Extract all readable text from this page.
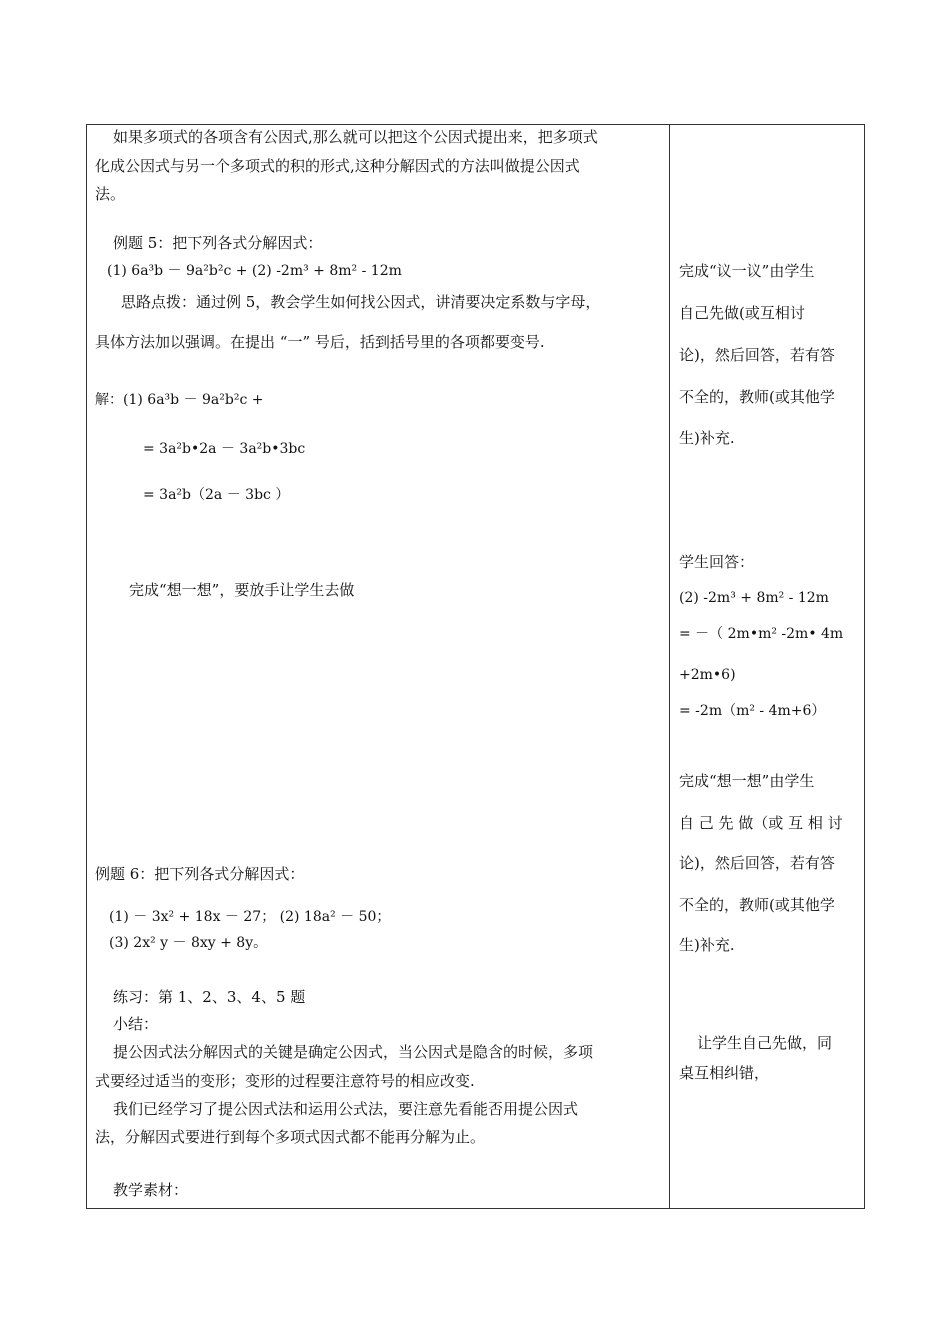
如果多项式的各项含有公因式,那么就可以把这个公因式提出来，把多项式
化成公因式与另一个多项式的积的形式,这种分解因式的方法叫做提公因式
法。
例题 5：把下列各式分解因式：
(1) 6a³b － 9a²b²c + (2) -2m³ + 8m² - 12m
思路点拨：通过例 5，教会学生如何找公因式，讲清要决定系数与字母，
具体方法加以强调。在提出 “一” 号后，括到括号里的各项都要变号.
解：(1) 6a³b － 9a²b²c +
= 3a²b•2a － 3a²b•3bc
= 3a²b（2a － 3bc ）
完成“想一想”，要放手让学生去做
例题 6：把下列各式分解因式：
(1) － 3x² + 18x － 27； (2) 18a² － 50；
(3) 2x² y － 8xy + 8y。
练习：第 1、2、3、4、5 题
小结：
提公因式法分解因式的关键是确定公因式，当公因式是隐含的时候，多项
式要经过适当的变形；变形的过程要注意符号的相应改变.
我们已经学习了提公因式法和运用公式法，要注意先看能否用提公因式
法，分解因式要进行到每个多项式因式都不能再分解为止。
教学素材：
完成“议一议”由学生
自己先做(或互相讨
论)，然后回答，若有答
不全的，教师(或其他学
生)补充.
学生回答：
(2) -2m³ + 8m² - 12m
= －（ 2m•m² -2m• 4m
+2m•6)
= -2m（m² - 4m+6）
完成“想一想”由学生
自 己 先 做（或 互 相 讨
论)，然后回答，若有答
不全的，教师(或其他学
生)补充.
让学生自己先做，同
桌互相纠错，
